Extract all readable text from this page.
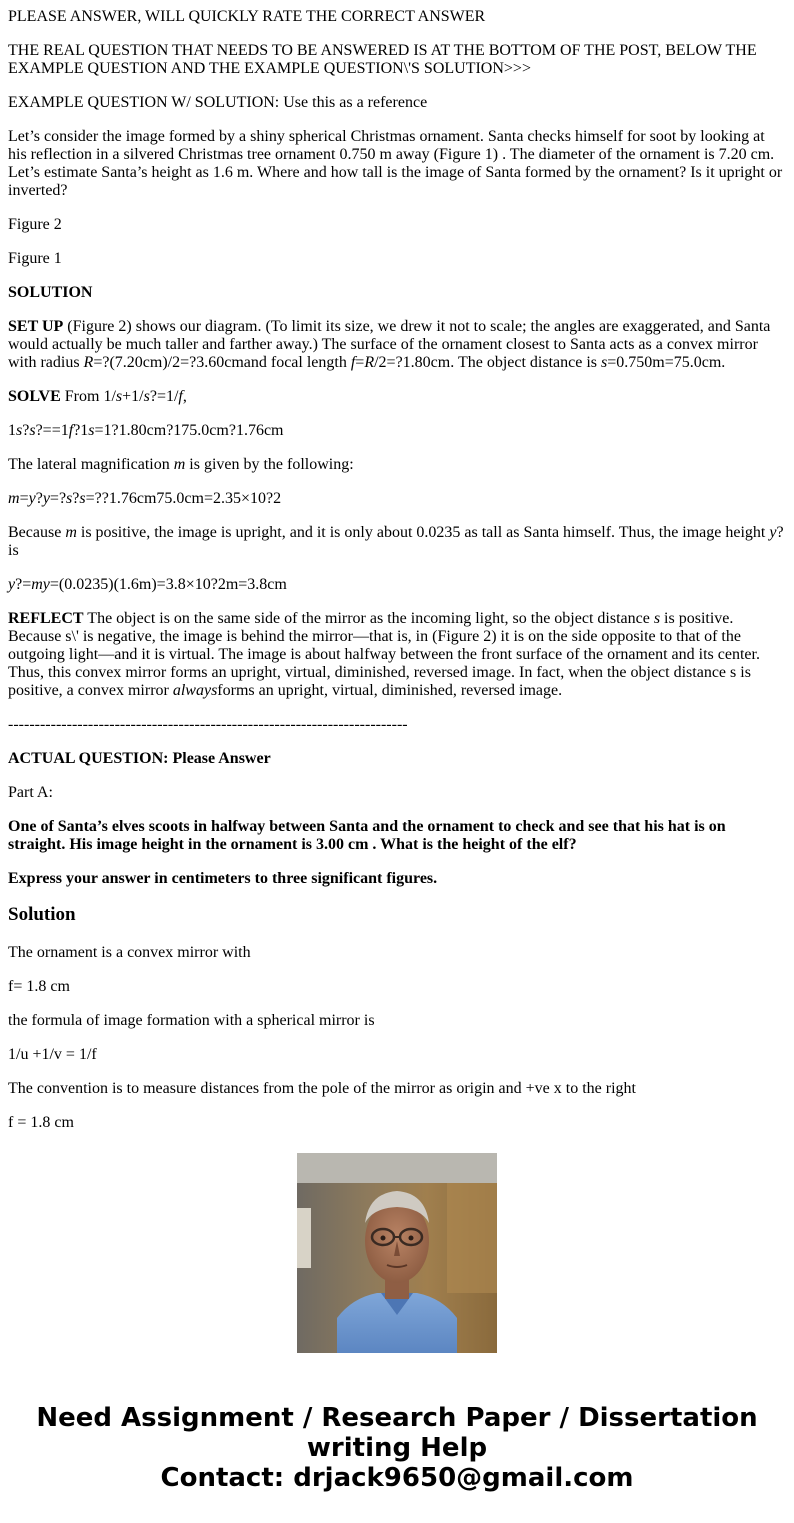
PLEASE ANSWER, WILL QUICKLY RATE THE CORRECT ANSWER

THE REAL QUESTION THAT NEEDS TO BE ANSWERED IS AT THE BOTTOM OF THE POST, BELOW THE EXAMPLE QUESTION AND THE EXAMPLE QUESTION\'S SOLUTION>>>

EXAMPLE QUESTION W/ SOLUTION: Use this as a reference

Let’s consider the image formed by a shiny spherical Christmas ornament. Santa checks himself for soot by looking at his reflection in a silvered Christmas tree ornament 0.750 m away (Figure 1) . The diameter of the ornament is 7.20 cm. Let’s estimate Santa’s height as 1.6 m. Where and how tall is the image of Santa formed by the ornament? Is it upright or inverted?

Figure 2

Figure 1

SOLUTION

SET UP (Figure 2) shows our diagram. (To limit its size, we drew it not to scale; the angles are exaggerated, and Santa would actually be much taller and farther away.) The surface of the ornament closest to Santa acts as a convex mirror with radius R=?(7.20cm)/2=?3.60cmand focal length f=R/2=?1.80cm. The object distance is s=0.750m=75.0cm.

SOLVE From 1/s+1/s?=1/f,

1s?s?==1f?1s=1?1.80cm?175.0cm?1.76cm

The lateral magnification m is given by the following:

m=y?y=?s?s=??1.76cm75.0cm=2.35×10?2

Because m is positive, the image is upright, and it is only about 0.0235 as tall as Santa himself. Thus, the image height y? is

y?=my=(0.0235)(1.6m)=3.8×10?2m=3.8cm

REFLECT The object is on the same side of the mirror as the incoming light, so the object distance s is positive. Because s\' is negative, the image is behind the mirror—that is, in (Figure 2) it is on the side opposite to that of the outgoing light—and it is virtual. The image is about halfway between the front surface of the ornament and its center. Thus, this convex mirror forms an upright, virtual, diminished, reversed image. In fact, when the object distance s is positive, a convex mirror alwaysforms an upright, virtual, diminished, reversed image.

---------------------------------------------------------------------------

ACTUAL QUESTION: Please Answer

Part A:

One of Santa’s elves scoots in halfway between Santa and the ornament to check and see that his hat is on straight. His image height in the ornament is 3.00 cm . What is the height of the elf?

Express your answer in centimeters to three significant figures.

Solution

The ornament is a convex mirror with

f= 1.8 cm

the formula of image formation with a spherical mirror is

1/u +1/v = 1/f

The convention is to measure distances from the pole of the mirror as origin and +ve x to the right

f = 1.8 cm

Need Assignment / Research Paper / Dissertation
writing Help
Contact: drjack9650@gmail.com
